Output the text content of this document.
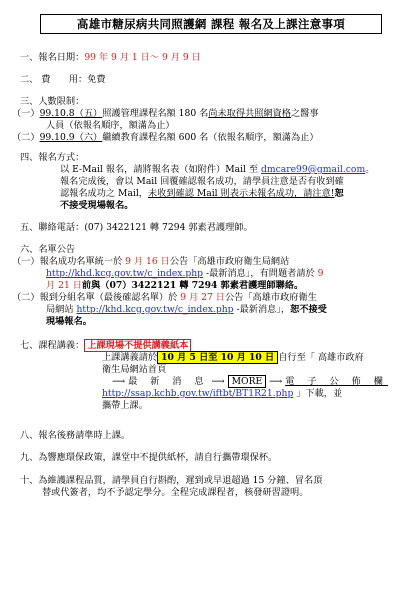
高雄市糖尿病共同照護網 課程 報名及上課注意事項
一、報名日期：99 年 9 月 1 日～ 9 月 9 日
二、 費　　用：免費
三、人數限制：
（一）99.10.8（五）照護管理課程名額 180 名尚未取得共照網資格之醫事
人員（依報名順序，額滿為止）
（二）99.10.9（六）繼續教育課程名額 600 名（依報名順序，額滿為止）
四、報名方式：
以 E-Mail 報名，請將報名表（如附件）Mail 至 dmcare99@gmail.com。
報名完成後，會以 Mail 回覆確認報名成功，請學員注意是否有收到確
認報名成功之 Mail，未收到確認 Mail 則表示未報名成功，請注意!恕
不接受現場報名。
五、聯絡電話：(07) 3422121 轉 7294 郭素君護理師。
六、名單公告
（一）報名成功名單統一於 9 月 16 日公告「高雄市政府衛生局網站
http://khd.kcg.gov.tw/c_index.php -最新消息」，有問題者請於 9
月 21 日前與（07）3422121 轉 7294 郭素君護理師聯絡。
（二）報到分組名單（最後確認名單）於 9 月 27 日公告「高雄市政府衛生
局網站 http://khd.kcg.gov.tw/c_index.php -最新消息」，恕不接受
現場報名。
七、課程講義： 上課現場不提供講義紙本
上課講義請於 10 月 5 日至 10 月 10 日 自行至「 高雄市政府
衛生局網站首頁
⟶ 最 新 消 息 ⟶ MORE ⟶ 電 子 公 佈 欄
http://ssap.kchb.gov.tw/iftbt/BT1R21.php 」下載，並
攜帶上課。
八、報名後務請準時上課。
九、為響應環保政策，課堂中不提供紙杯，請自行攜帶環保杯。
十、為維護課程品質，請學員自行斟酌，遲到或早退超過 15 分鐘、冒名頂
替或代簽者，均不予認定學分。全程完成課程者，核發研習證明。
